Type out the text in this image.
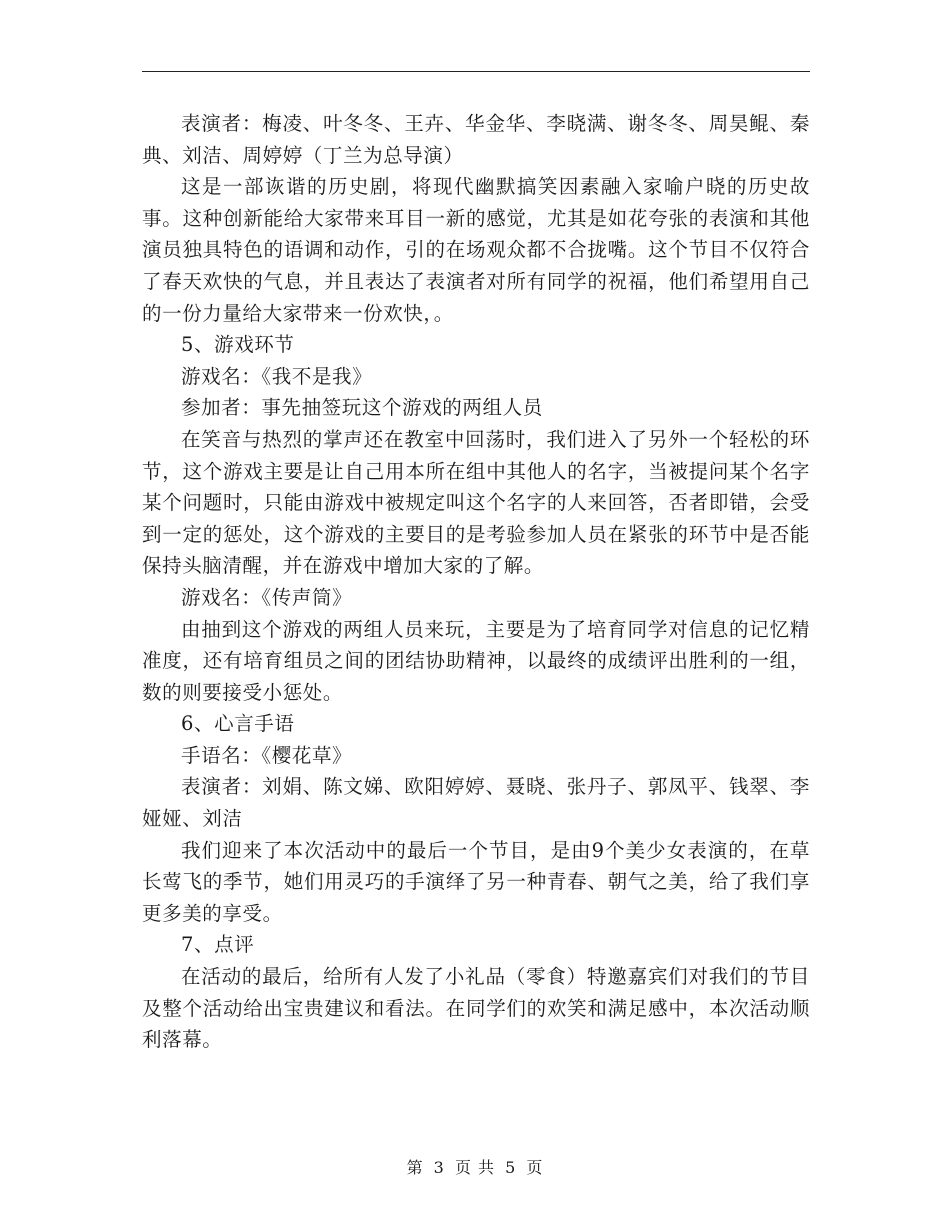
表演者：梅凌、叶冬冬、王卉、华金华、李晓满、谢冬冬、周昊鲲、秦典、刘洁、周婷婷（丁兰为总导演）

这是一部诙谐的历史剧，将现代幽默搞笑因素融入家喻户晓的历史故事。这种创新能给大家带来耳目一新的感觉，尤其是如花夸张的表演和其他演员独具特色的语调和动作，引的在场观众都不合拢嘴。这个节目不仅符合了春天欢快的气息，并且表达了表演者对所有同学的祝福，他们希望用自己的一份力量给大家带来一份欢快，。

5、游戏环节

游戏名：《我不是我》

参加者：事先抽签玩这个游戏的两组人员

在笑音与热烈的掌声还在教室中回荡时，我们进入了另外一个轻松的环节，这个游戏主要是让自己用本所在组中其他人的名字，当被提问某个名字某个问题时，只能由游戏中被规定叫这个名字的人来回答，否者即错，会受到一定的惩处，这个游戏的主要目的是考验参加人员在紧张的环节中是否能保持头脑清醒，并在游戏中增加大家的了解。

游戏名：《传声筒》

由抽到这个游戏的两组人员来玩，主要是为了培育同学对信息的记忆精准度，还有培育组员之间的团结协助精神，以最终的成绩评出胜利的一组，数的则要接受小惩处。

6、心言手语

手语名：《樱花草》

表演者：刘娟、陈文娣、欧阳婷婷、聂晓、张丹子、郭凤平、钱翠、李娅娅、刘洁

我们迎来了本次活动中的最后一个节目，是由9个美少女表演的，在草长莺飞的季节，她们用灵巧的手演绎了另一种青春、朝气之美，给了我们享更多美的享受。

7、点评

在活动的最后，给所有人发了小礼品（零食）特邀嘉宾们对我们的节目及整个活动给出宝贵建议和看法。在同学们的欢笑和满足感中，本次活动顺利落幕。

第 3 页 共 5 页
